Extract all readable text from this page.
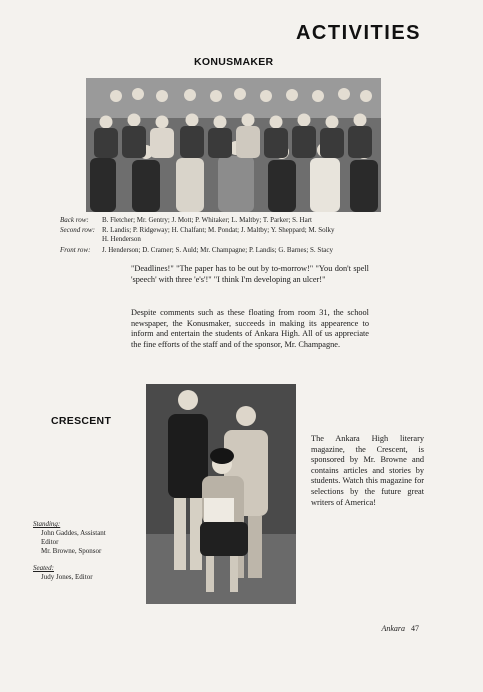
ACTIVITIES
KONUSMAKER
Back row: B. Fletcher; Mr. Gentry; J. Mott; P. Whitaker; L. Maltby; T. Parker; S. Hart
Second row: R. Landis; P. Ridgeway; H. Chalfant; M. Pondat; J. Maltby; Y. Sheppard; M. Solky
H. Henderson
Front row: J. Henderson; D. Cramer; S. Auld; Mr. Champagne; P. Landis; G. Barnes; S. Stacy
"Deadlines!" "The paper has to be out by to-morrow!" "You don't spell 'speech' with three 'e's'!" "I think I'm developing an ulcer!"
Despite comments such as these floating from room 31, the school newspaper, the Konusmaker, succeeds in making its appearence to inform and entertain the students of Ankara High. All of us appreciate the fine efforts of the staff and of the sponsor, Mr. Champagne.
CRESCENT
The Ankara High literary magazine, the Crescent, is sponsored by Mr. Browne and contains articles and stories by students. Watch this magazine for selections by the future great writers of America!
Standing:
John Gaddes, Assistant
Editor
Mr. Browne, Sponsor
Seated:
Judy Jones, Editor
Ankara 47
